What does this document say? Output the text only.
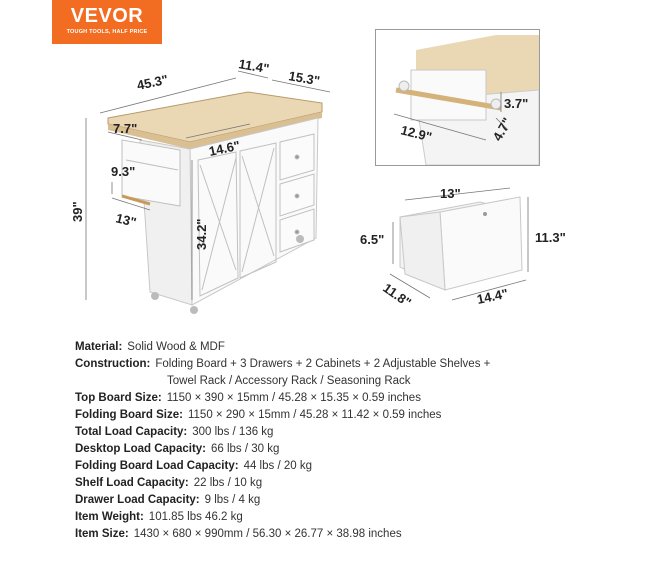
VEVOR
TOUGH TOOLS, HALF PRICE
45.3"
11.4"
15.3"
7.7"
9.3"
13"
14.6"
39"
34.2"
3.7"
12.9"	4.7"
13"
6.5"	11.3"
11.8"	14.4"
Material: Solid Wood & MDF
Construction: Folding Board + 3 Drawers + 2 Cabinets + 2 Adjustable Shelves +
Towel Rack / Accessory Rack / Seasoning Rack
Top Board Size: 1150 × 390 × 15mm / 45.28 × 15.35 × 0.59 inches
Folding Board Size: 1150 × 290 × 15mm / 45.28 × 11.42 × 0.59 inches
Total Load Capacity: 300 lbs / 136 kg
Desktop Load Capacity: 66 lbs / 30 kg
Folding Board Load Capacity: 44 lbs / 20 kg
Shelf Load Capacity: 22 lbs / 10 kg
Drawer Load Capacity: 9 lbs / 4 kg
Item Weight: 101.85 lbs 46.2 kg
Item Size: 1430 × 680 × 990mm / 56.30 × 26.77 × 38.98 inches
